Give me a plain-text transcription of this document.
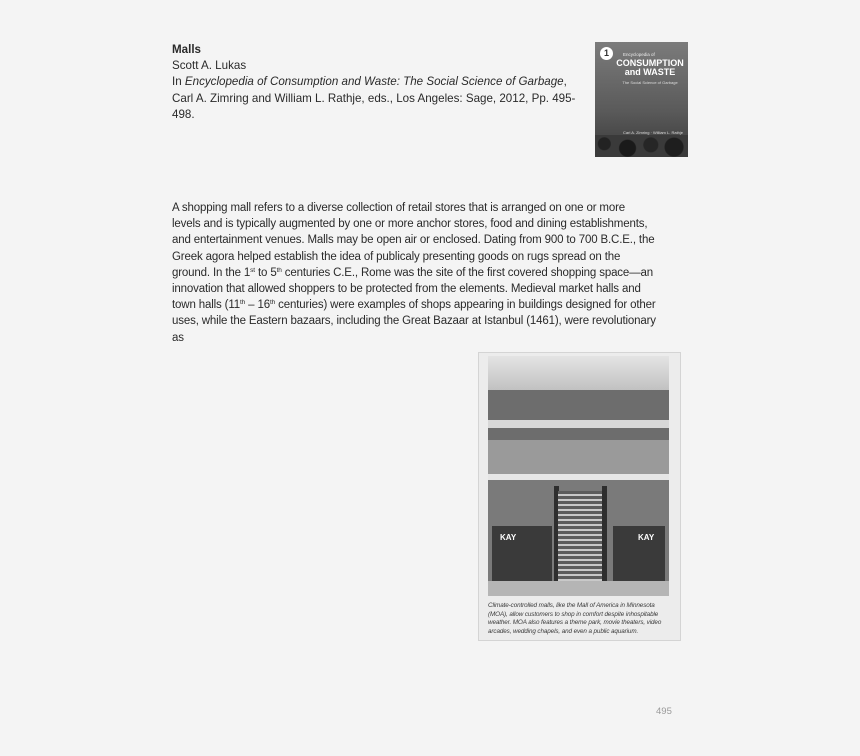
Malls
Scott A. Lukas
In Encyclopedia of Consumption and Waste: The Social Science of Garbage,
Carl A. Zimring and William L. Rathje, eds., Los Angeles: Sage, 2012, Pp. 495-
498.
1	Encyclopedia of
CONSUMPTION and WASTE
The Social Science of Garbage
Carl A. Zimring · William L. Rathje
A shopping mall refers to a diverse collection of retail stores that is arranged on one or more
levels and is typically augmented by one or more anchor stores, food and dining establishments,
and entertainment venues. Malls may be open air or enclosed. Dating from 900 to 700 B.C.E., the
Greek agora helped establish the idea of publicaly presenting goods on rugs spread on the
ground. In the 1st to 5th centuries C.E., Rome was the site of the first covered shopping space—an
innovation that allowed shoppers to be protected from the elements. Medieval market halls and
town halls (11th – 16th centuries) were examples of shops appearing in buildings designed for other
uses, while the Eastern bazaars, including the Great Bazaar at Istanbul (1461), were revolutionary
as
KAY	KAY
Climate-controlled malls, like the Mall of America in Minnesota
(MOA), allow customers to shop in comfort despite inhospitable
weather. MOA also features a theme park, movie theaters, video
arcades, wedding chapels, and even a public aquarium.
495
